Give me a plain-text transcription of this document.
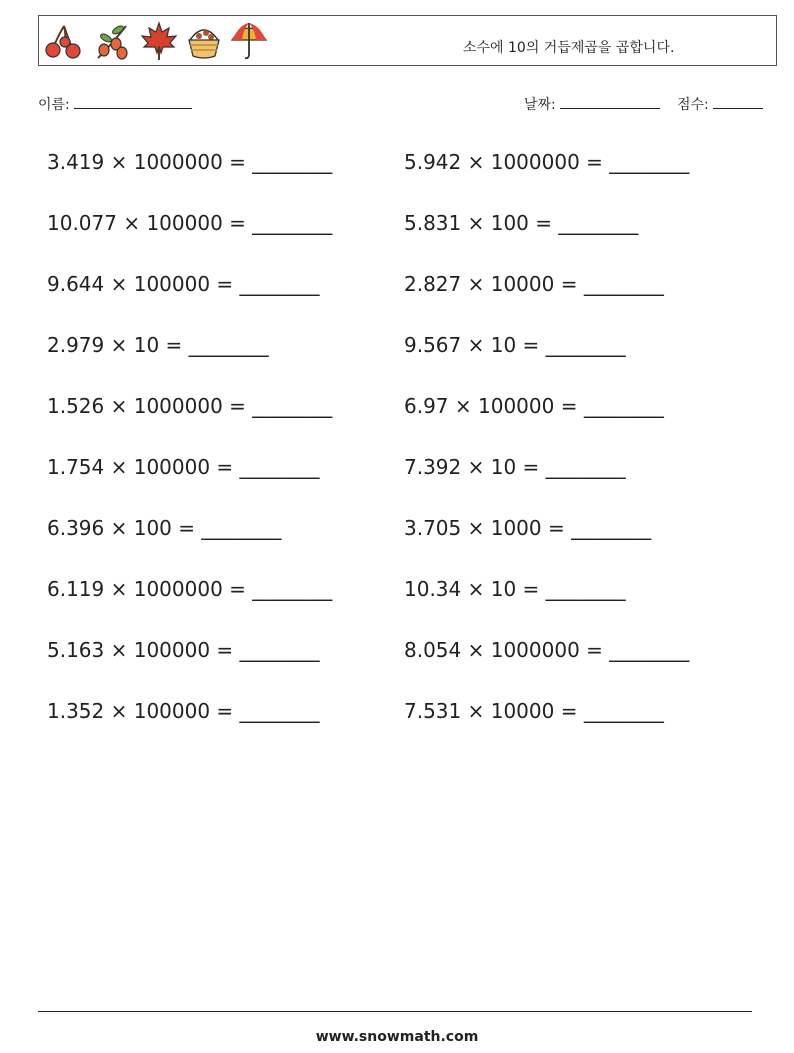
소수에 10의 거듭제곱을 곱합니다.
이름:	날짜:	점수:
3.419 × 1000000 = ________	5.942 × 1000000 = ________
10.077 × 100000 = ________	5.831 × 100 = ________
9.644 × 100000 = ________	2.827 × 10000 = ________
2.979 × 10 = ________	9.567 × 10 = ________
1.526 × 1000000 = ________	6.97 × 100000 = ________
1.754 × 100000 = ________	7.392 × 10 = ________
6.396 × 100 = ________	3.705 × 1000 = ________
6.119 × 1000000 = ________	10.34 × 10 = ________
5.163 × 100000 = ________	8.054 × 1000000 = ________
1.352 × 100000 = ________	7.531 × 10000 = ________
www.snowmath.com
